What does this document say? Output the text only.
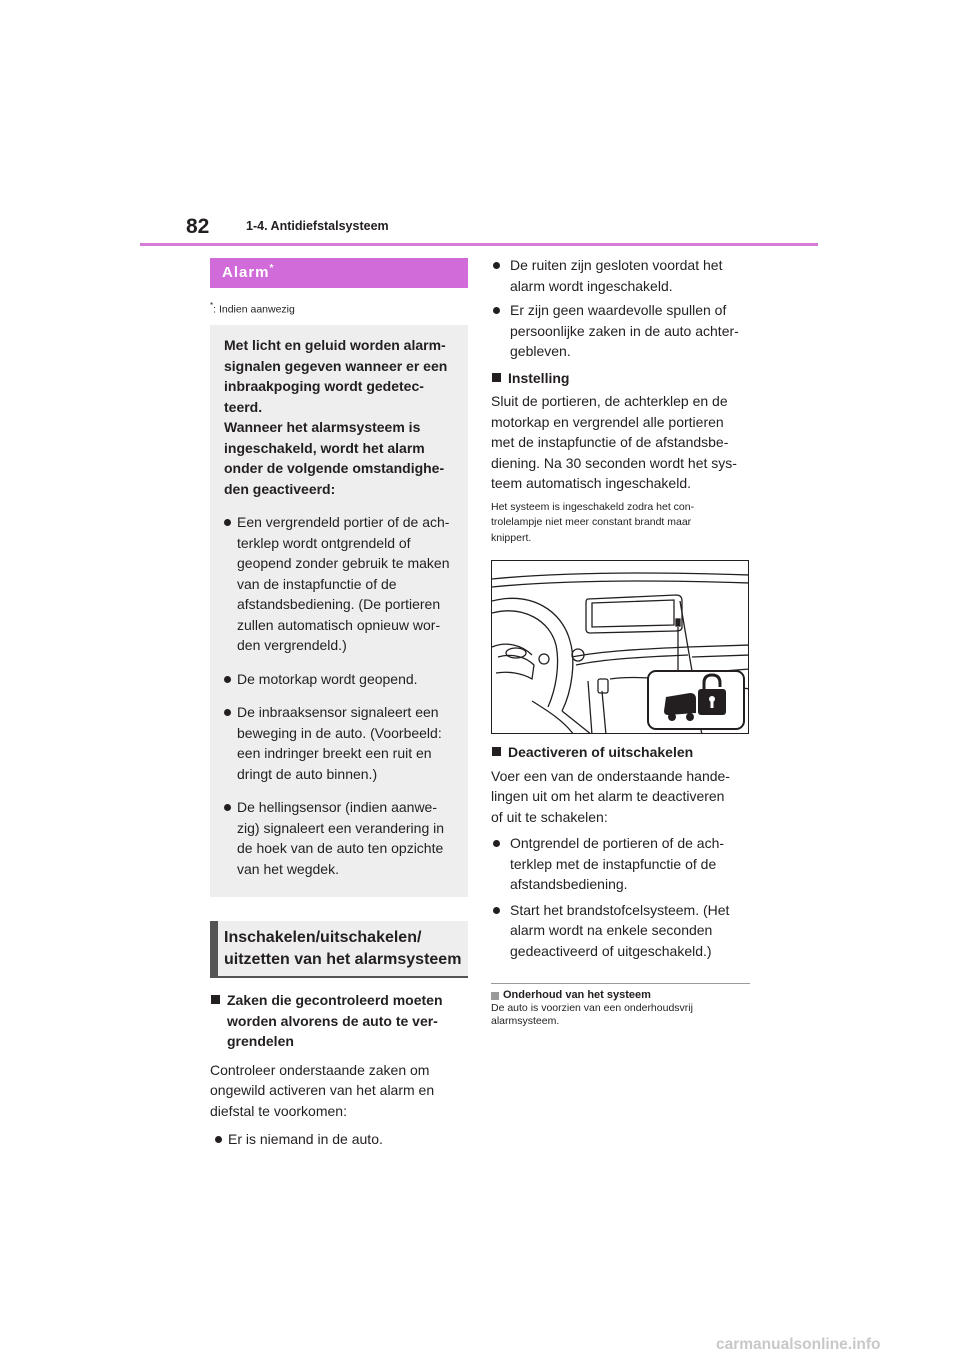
82	1-4. Antidiefstalsysteem
Alarm*
*: Indien aanwezig
Met licht en geluid worden alarm-
signalen gegeven wanneer er een
inbraakpoging wordt gedetec-
teerd.
Wanneer het alarmsysteem is
ingeschakeld, wordt het alarm
onder de volgende omstandighe-
den geactiveerd:
Een vergrendeld portier of de ach-
terklep wordt ontgrendeld of
geopend zonder gebruik te maken
van de instapfunctie of de
afstandsbediening. (De portieren
zullen automatisch opnieuw wor-
den vergrendeld.)
De motorkap wordt geopend.
De inbraaksensor signaleert een
beweging in de auto. (Voorbeeld:
een indringer breekt een ruit en
dringt de auto binnen.)
De hellingsensor (indien aanwe-
zig) signaleert een verandering in
de hoek van de auto ten opzichte
van het wegdek.
Inschakelen/uitschakelen/
uitzetten van het alarmsysteem
Zaken die gecontroleerd moeten
worden alvorens de auto te ver-
grendelen
Controleer onderstaande zaken om
ongewild activeren van het alarm en
diefstal te voorkomen:
Er is niemand in de auto.
De ruiten zijn gesloten voordat het
alarm wordt ingeschakeld.
Er zijn geen waardevolle spullen of
persoonlijke zaken in de auto achter-
gebleven.
Instelling
Sluit de portieren, de achterklep en de
motorkap en vergrendel alle portieren
met de instapfunctie of de afstandsbe-
diening. Na 30 seconden wordt het sys-
teem automatisch ingeschakeld.
Het systeem is ingeschakeld zodra het con-
trolelampje niet meer constant brandt maar
knippert.
Deactiveren of uitschakelen
Voer een van de onderstaande hande-
lingen uit om het alarm te deactiveren
of uit te schakelen:
Ontgrendel de portieren of de ach-
terklep met de instapfunctie of de
afstandsbediening.
Start het brandstofcelsysteem. (Het
alarm wordt na enkele seconden
gedeactiveerd of uitgeschakeld.)
Onderhoud van het systeem
De auto is voorzien van een onderhoudsvrij
alarmsysteem.
carmanualsonline.info
